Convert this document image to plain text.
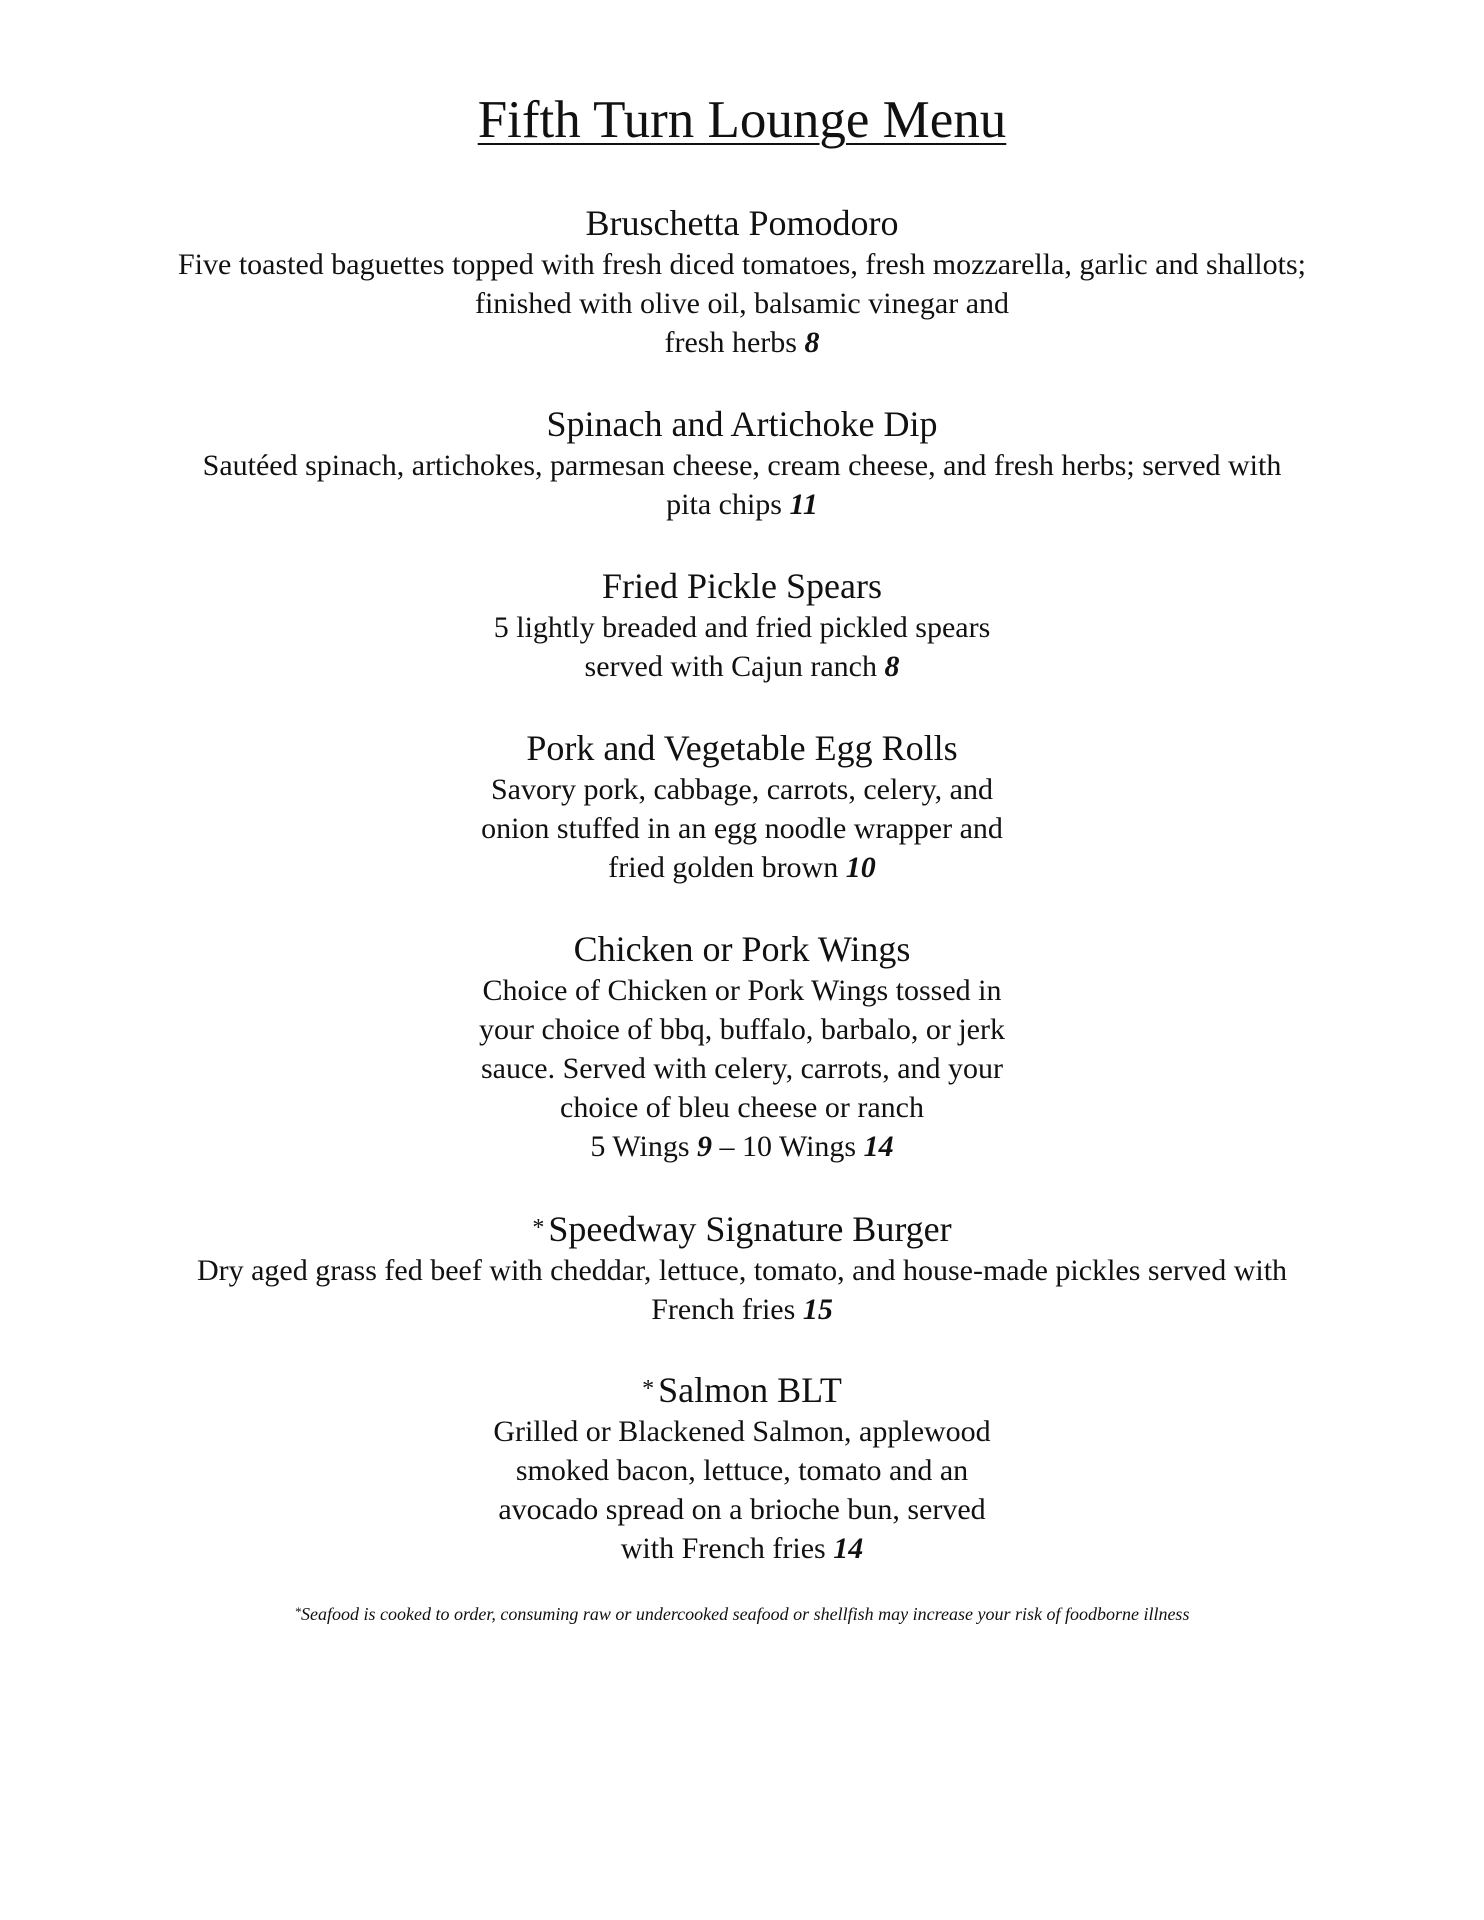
Fifth Turn Lounge Menu
Bruschetta Pomodoro
Five toasted baguettes topped with fresh diced tomatoes, fresh mozzarella, garlic and shallots;
finished with olive oil, balsamic vinegar and
fresh herbs 8
Spinach and Artichoke Dip
Sautéed spinach, artichokes, parmesan cheese, cream cheese, and fresh herbs; served with
pita chips 11
Fried Pickle Spears
5 lightly breaded and fried pickled spears
served with Cajun ranch 8
Pork and Vegetable Egg Rolls
Savory pork, cabbage, carrots, celery, and
onion stuffed in an egg noodle wrapper and
fried golden brown 10
Chicken or Pork Wings
Choice of Chicken or Pork Wings tossed in
your choice of bbq, buffalo, barbalo, or jerk
sauce. Served with celery, carrots, and your
choice of bleu cheese or ranch
5 Wings 9 – 10 Wings 14
* Speedway Signature Burger
Dry aged grass fed beef with cheddar, lettuce, tomato, and house-made pickles served with
French fries 15
* Salmon BLT
Grilled or Blackened Salmon, applewood
smoked bacon, lettuce, tomato and an
avocado spread on a brioche bun, served
with French fries 14

*Seafood is cooked to order, consuming raw or undercooked seafood or shellfish may increase your risk of foodborne illness
